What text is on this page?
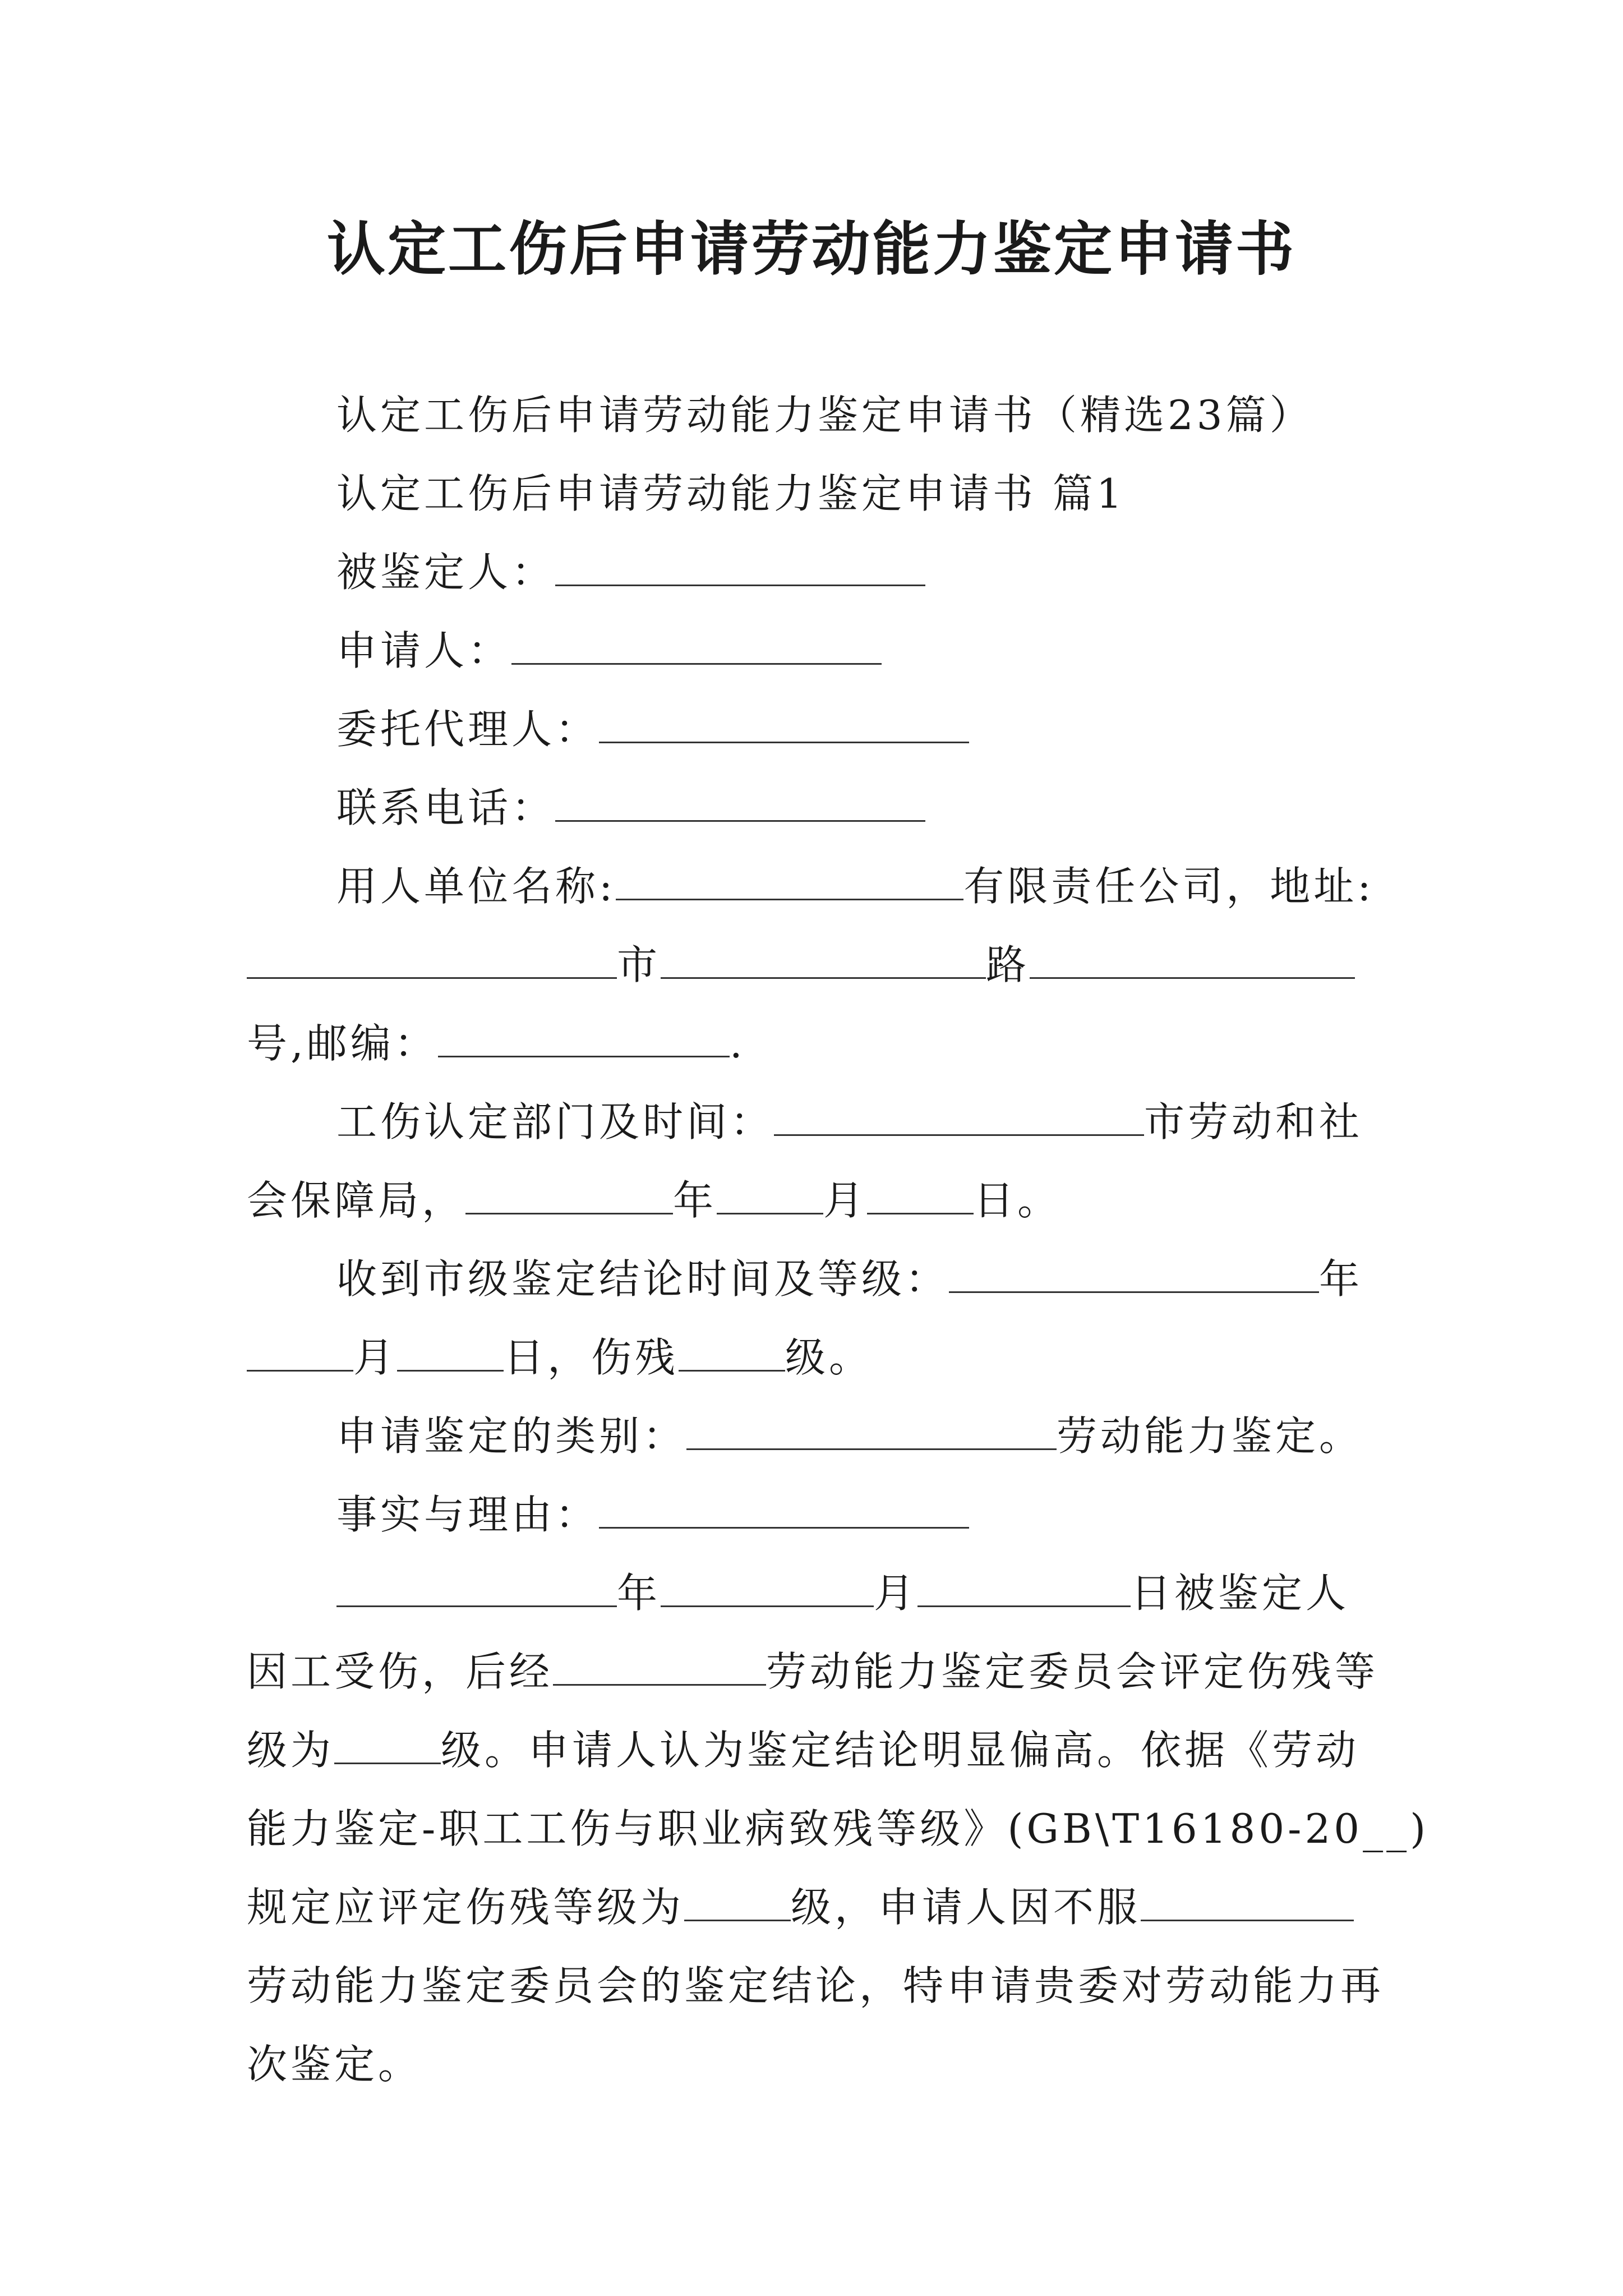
认定工伤后申请劳动能力鉴定申请书
认定工伤后申请劳动能力鉴定申请书（精选23篇）
认定工伤后申请劳动能力鉴定申请书 篇1
被鉴定人：
申请人：
委托代理人：
联系电话：
用人单位名称:	有限责任公司，地址:
市	路
号,邮编：	.
工伤认定部门及时间：	市劳动和社
会保障局，	年	月	日。
收到市级鉴定结论时间及等级：	年
月	日，伤残	级。
申请鉴定的类别：	劳动能力鉴定。
事实与理由：
年	月	日被鉴定人
因工受伤，后经	劳动能力鉴定委员会评定伤残等
级为	级。申请人认为鉴定结论明显偏高。依据《劳动
能力鉴定-职工工伤与职业病致残等级》(GB\T16180-20__)
规定应评定伤残等级为	级，申请人因不服
劳动能力鉴定委员会的鉴定结论，特申请贵委对劳动能力再
次鉴定。
